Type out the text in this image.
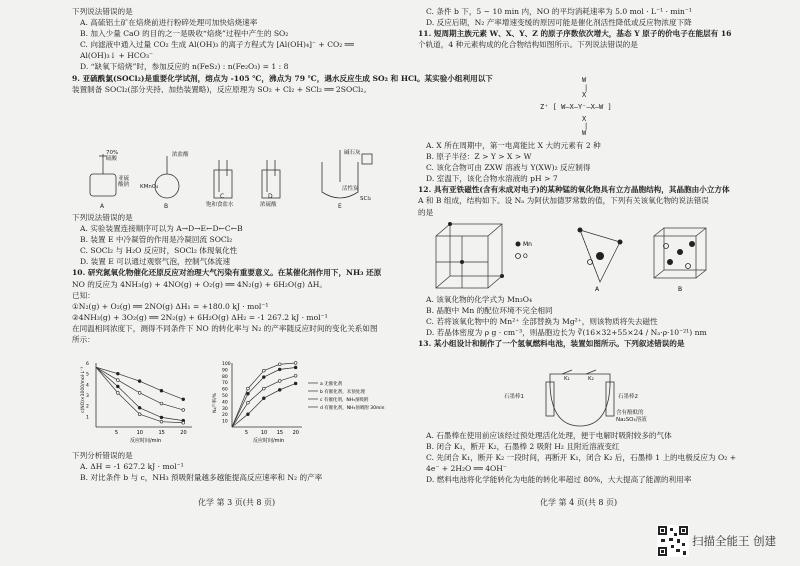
下列说法错误的是
A. 高硫铝土矿在焙烧前进行粉碎处理可加快焙烧速率
B. 加入少量 CaO 的目的之一是吸收“焙烧”过程中产生的 SO₂
C. 向滤液中通入过量 CO₂ 生成 Al(OH)₃ 的离子方程式为 [Al(OH)₄]⁻ + CO₂ ══
Al(OH)₃↓ + HCO₃⁻
D. “缺氧下焙烧”时，参加反应的 n(FeS₂) : n(Fe₂O₃) = 1 : 8
9. 亚硫酰氯(SOCl₂)是重要化学试剂，熔点为 -105 ℃，沸点为 79 ℃，遇水反应生成 SO₂ 和 HCl。某实验小组利用以下
装置制备 SOCl₂(部分夹持、加热装置略)，反应原理为 SO₂ + Cl₂ + SCl₂ ══ 2SOCl₂。
70%
硫酸
亚硫
酸钠
浓盐酸
KMnO₄
饱和食盐水	浓硫酸
碱石灰
活性炭
SCl₂
A	B
C	D
E
下列说法错误的是
A. 实验装置连接顺序可以为 A→D→E←D←C←B
B. 装置 E 中冷凝管的作用是冷凝回流 SOCl₂
C. SOCl₂ 与 H₂O 反应时，SOCl₂ 体现氧化性
D. 装置 E 可以通过观察气泡，控制气体流速
10. 研究氮氧化物催化还原反应对治理大气污染有重要意义。在某催化剂作用下，NH₃ 还原
NO 的反应为 4NH₃(g) + 4NO(g) + O₂(g) ══ 4N₂(g) + 6H₂O(g) ΔH。
已知：
①N₂(g) + O₂(g) ══ 2NO(g) ΔH₁ = +180.0 kJ · mol⁻¹
②4NH₃(g) + 3O₂(g) ══ 2N₂(g) + 6H₂O(g) ΔH₂ = -1 267.2 kJ · mol⁻¹
在同温相同浓度下，测得不同条件下 NO 的转化率与 N₂ 的产率随反应时间的变化关系如图
所示：
5	10	15	20
6
5
4
3
2
1
反应时间/min
c(NO)×1000/mol·L⁻¹
5	10 15 20
100
90
80
70
60
50
40
30
20
10
反应时间/min
N₂产率/%
a 无催化剂
b 有催化剂，未预处理
c 有催化剂，NH₃预吸附
d 有催化剂，NH₃预吸附 30min
下列分析错误的是
A. ΔH = -1 627.2 kJ · mol⁻¹
B. 对比条件 b 与 c，NH₃ 预吸附量越多越能提高反应速率和 N₂ 的产率
化学 第 3 页(共 8 页)
C. 条件 b 下，5 ~ 10 min 内，NO 的平均消耗速率为 5.0 mol · L⁻¹ · min⁻¹
D. 反应后期，N₂ 产率增速变缓的原因可能是催化剂活性降低或反应物浓度下降
11. 短周期主族元素 W、X、Y、Z 的原子序数依次增大，基态 Y 原子的价电子在能层有 16
个轨道，4 种元素构成的化合物结构如图所示。下列说法错误的是
W
|
X
Z⁺ [ W—X—Y⁻—X—W ]
X
|
W
A. X 所在周期中，第一电离能比 X 大的元素有 2 种
B. 原子半径：Z > Y > X > W
C. 该化合物可由 ZXW 溶液与 Y(XW)₂ 反应制得
D. 室温下，该化合物水溶液的 pH > 7
12. 具有亚铁磁性(含有未成对电子)的某种锰的氧化物具有立方晶胞结构，其晶胞由小立方体
A 和 B 组成，结构如下。设 Nₐ 为阿伏加德罗常数的值，下列有关该氧化物的说法错误
的是
Mn
O
A	B
A. 该氧化物的化学式为 Mn₃O₄
B. 晶胞中 Mn 的配位环境不完全相同
C. 若将该氧化物中的 Mn²⁺ 全部替换为 Mg²⁺，则该物质将失去磁性
D. 若晶体密度为 ρ g · cm⁻³，则晶胞边长为 ∛(16×32+55×24 / Nₐ·ρ·10⁻²¹) nm
13. 某小组设计和制作了一个氢氧燃料电池，装置如图所示。下列叙述错误的是
K₁	K₂
石墨棒1	石墨棒2
含有酚酞的
Na₂SO₄溶液
A. 石墨棒在使用前应该经过预处理活化处理，便于电解时吸附较多的气体
B. 闭合 K₁，断开 K₂，石墨棒 2 吸附 H₂ 且附近溶液变红
C. 先闭合 K₁，断开 K₂ 一段时间，再断开 K₁，闭合 K₂ 后，石墨棒 1 上的电极反应为 O₂ +
4e⁻ + 2H₂O ══ 4OH⁻
D. 燃料电池将化学能转化为电能的转化率超过 80%，大大提高了能源的利用率
化学 第 4 页(共 8 页)
扫描全能王 创建
